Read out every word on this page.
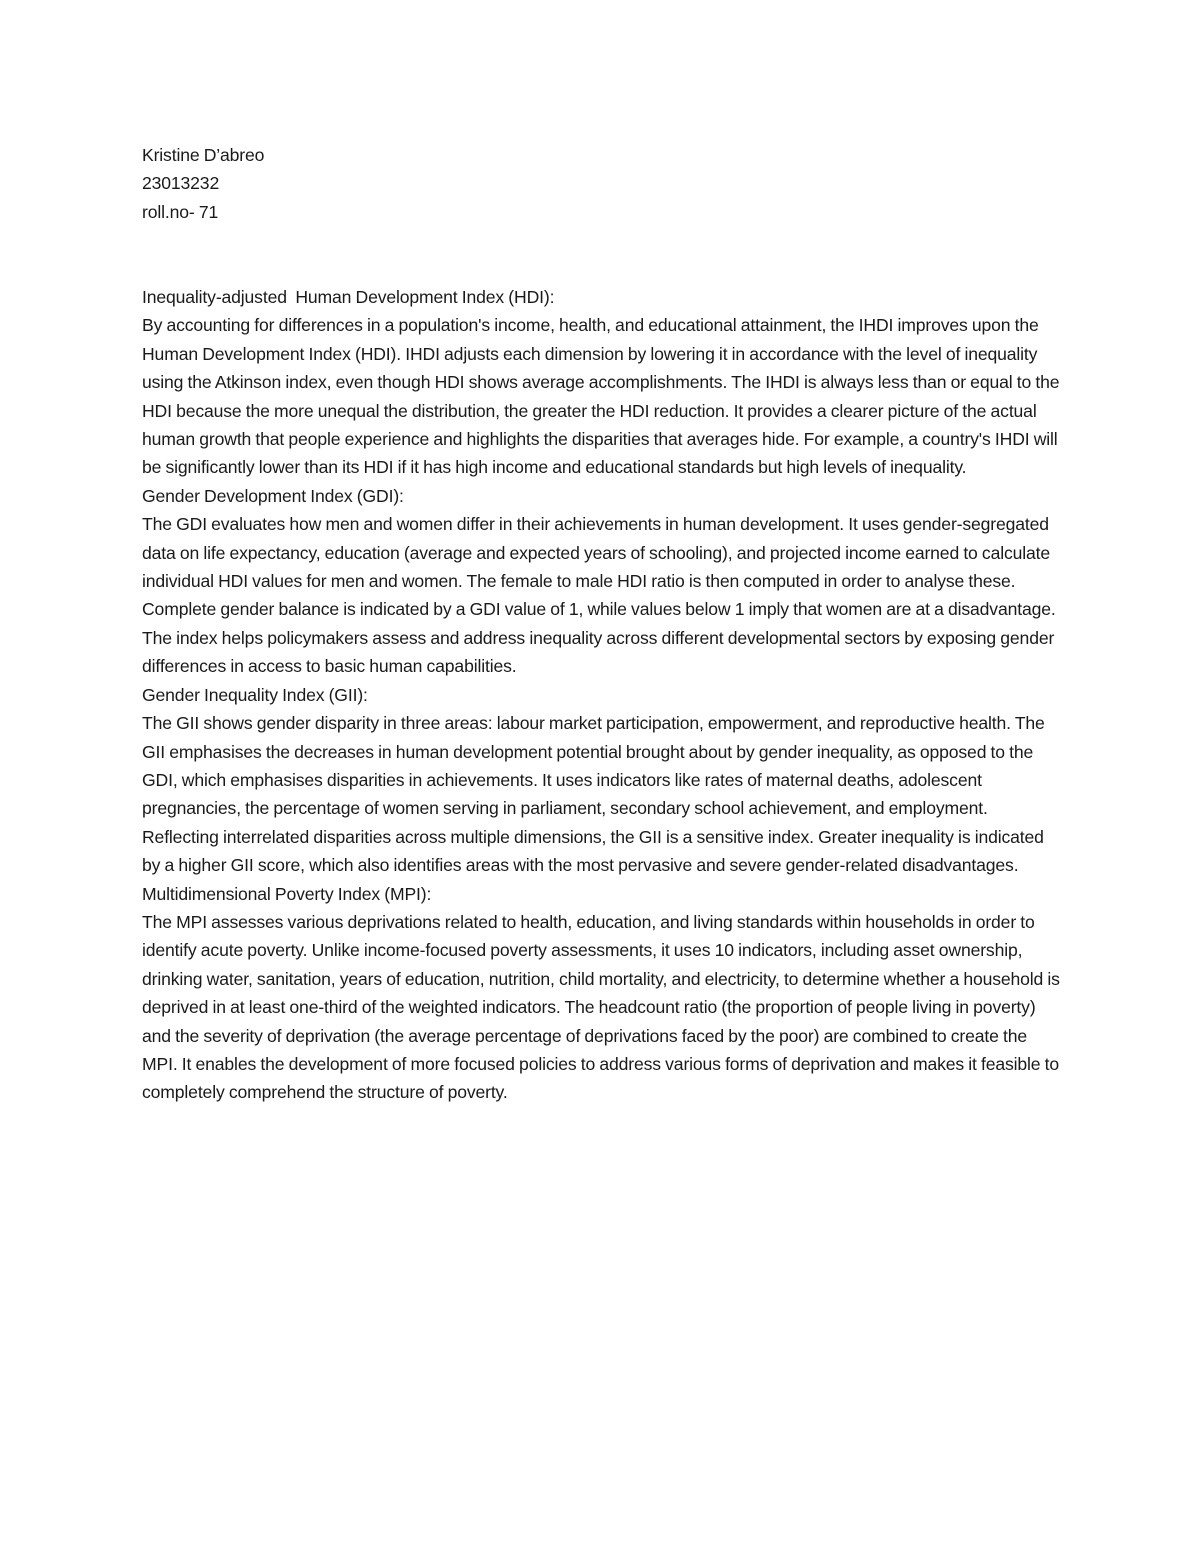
Kristine D’abreo

23013232

roll.no- 71

Inequality-adjusted  Human Development Index (HDI):

By accounting for differences in a population's income, health, and educational attainment, the IHDI improves upon the Human Development Index (HDI). IHDI adjusts each dimension by lowering it in accordance with the level of inequality using the Atkinson index, even though HDI shows average accomplishments. The IHDI is always less than or equal to the HDI because the more unequal the distribution, the greater the HDI reduction. It provides a clearer picture of the actual human growth that people experience and highlights the disparities that averages hide. For example, a country's IHDI will be significantly lower than its HDI if it has high income and educational standards but high levels of inequality.

Gender Development Index (GDI):

The GDI evaluates how men and women differ in their achievements in human development. It uses gender-segregated data on life expectancy, education (average and expected years of schooling), and projected income earned to calculate individual HDI values for men and women. The female to male HDI ratio is then computed in order to analyse these. Complete gender balance is indicated by a GDI value of 1, while values below 1 imply that women are at a disadvantage. The index helps policymakers assess and address inequality across different developmental sectors by exposing gender differences in access to basic human capabilities.

Gender Inequality Index (GII):

The GII shows gender disparity in three areas: labour market participation, empowerment, and reproductive health. The GII emphasises the decreases in human development potential brought about by gender inequality, as opposed to the GDI, which emphasises disparities in achievements. It uses indicators like rates of maternal deaths, adolescent pregnancies, the percentage of women serving in parliament, secondary school achievement, and employment. Reflecting interrelated disparities across multiple dimensions, the GII is a sensitive index. Greater inequality is indicated by a higher GII score, which also identifies areas with the most pervasive and severe gender-related disadvantages.

Multidimensional Poverty Index (MPI):

The MPI assesses various deprivations related to health, education, and living standards within households in order to identify acute poverty. Unlike income-focused poverty assessments, it uses 10 indicators, including asset ownership, drinking water, sanitation, years of education, nutrition, child mortality, and electricity, to determine whether a household is deprived in at least one-third of the weighted indicators. The headcount ratio (the proportion of people living in poverty) and the severity of deprivation (the average percentage of deprivations faced by the poor) are combined to create the MPI. It enables the development of more focused policies to address various forms of deprivation and makes it feasible to completely comprehend the structure of poverty.
